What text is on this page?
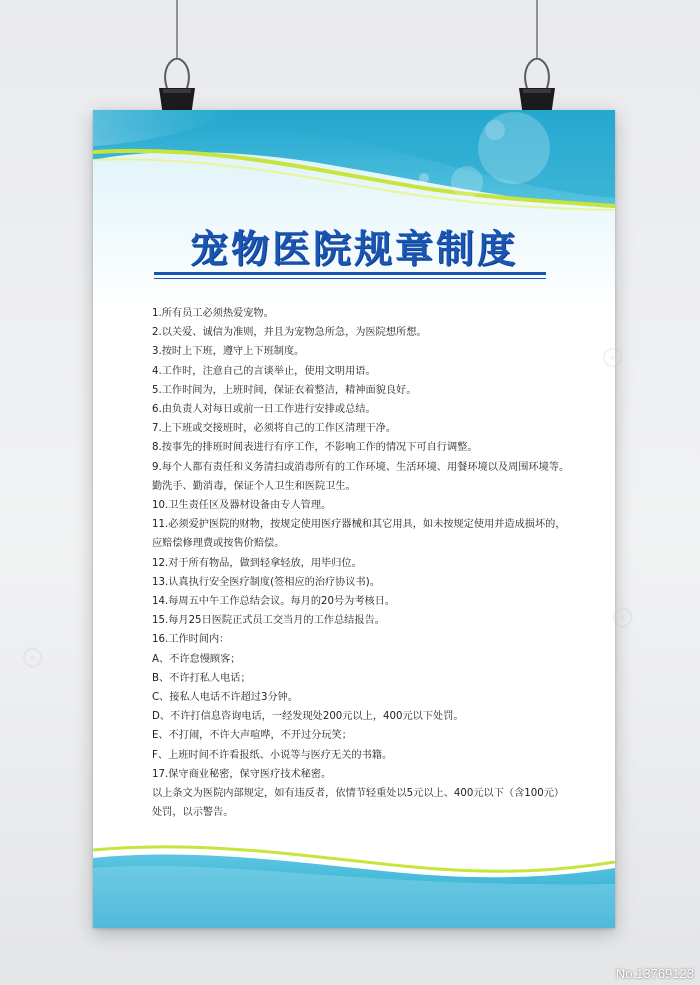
宠物医院规章制度

1.所有员工必须热爱宠物。

2.以关爱、诚信为准则，并且为宠物急所急，为医院想所想。

3.按时上下班，遵守上下班制度。

4.工作时，注意自己的言谈举止，使用文明用语。

5.工作时间为，上班时间，保证衣着整洁，精神面貌良好。

6.由负责人对每日或前一日工作进行安排或总结。

7.上下班或交接班时，必须将自己的工作区清理干净。

8.按事先的排班时间表进行有序工作，不影响工作的情况下可自行调整。

9.每个人都有责任和义务清扫或消毒所有的工作环境、生活环境、用餐环境以及周围环境等。勤洗手、勤消毒，保证个人卫生和医院卫生。

10.卫生责任区及器材设备由专人管理。

11.必须爱护医院的财物，按规定使用医疗器械和其它用具，如未按规定使用并造成损坏的，应赔偿修理费或按售价赔偿。

12.对于所有物品，做到轻拿轻放，用毕归位。

13.认真执行安全医疗制度(签相应的治疗协议书)。

14.每周五中午工作总结会议。每月的20号为考核日。

15.每月25日医院正式员工交当月的工作总结报告。

16.工作时间内：

A、不许怠慢顾客；

B、不许打私人电话；

C、接私人电话不许超过3分钟。

D、不许打信息咨询电话，一经发现处200元以上，400元以下处罚。

E、不打闹，不许大声喧哗，不开过分玩笑；

F、上班时间不许看报纸、小说等与医疗无关的书籍。

17.保守商业秘密，保守医疗技术秘密。

以上条文为医院内部规定，如有违反者，依情节轻重处以5元以上、400元以下（含100元）处罚，以示警告。

⊙
⊙
No.13769123
